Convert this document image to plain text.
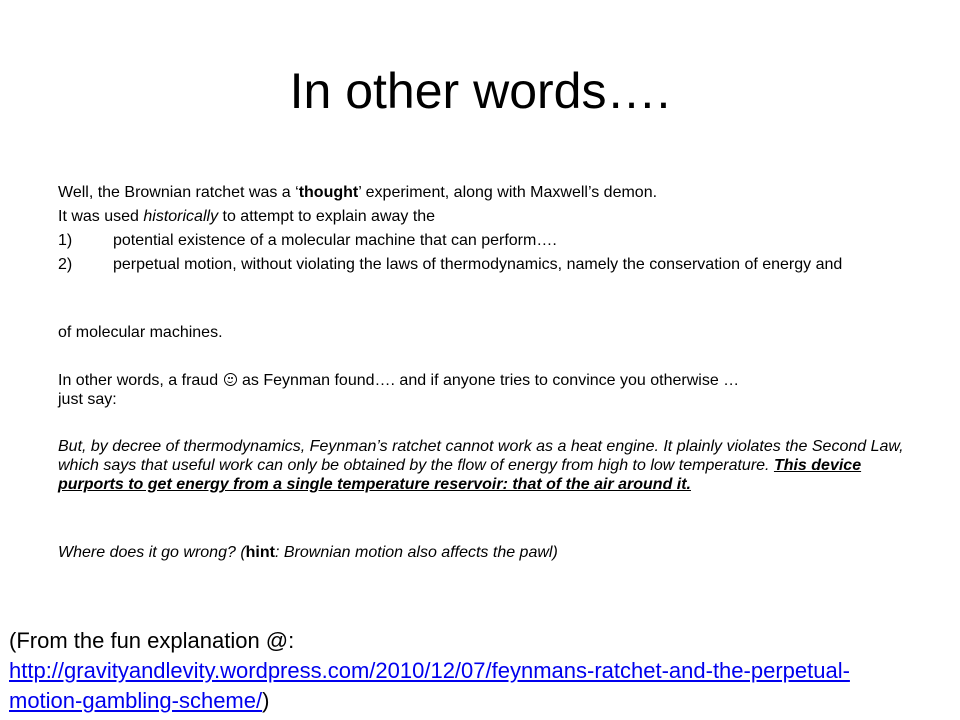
In other words….

Well, the Brownian ratchet was a ‘thought’ experiment, along with Maxwell’s demon.

It was used historically to attempt to explain away the

1)	potential existence of a molecular machine that can perform….
2)	perpetual motion, without violating the laws of thermodynamics, namely the conservation of energy and

of molecular machines.

In other words, a fraud as Feynman found…. and if anyone tries to convince you otherwise …
just say:

But, by decree of thermodynamics, Feynman’s ratchet cannot work as a heat engine. It plainly violates the Second Law, which says that useful work can only be obtained by the flow of energy from high to low temperature. This device purports to get energy from a single temperature reservoir: that of the air around it.

Where does it go wrong? (hint: Brownian motion also affects the pawl)

(From the fun explanation @:
http://gravityandlevity.wordpress.com/2010/12/07/feynmans-ratchet-and-the-perpetual-
motion-gambling-scheme/)
